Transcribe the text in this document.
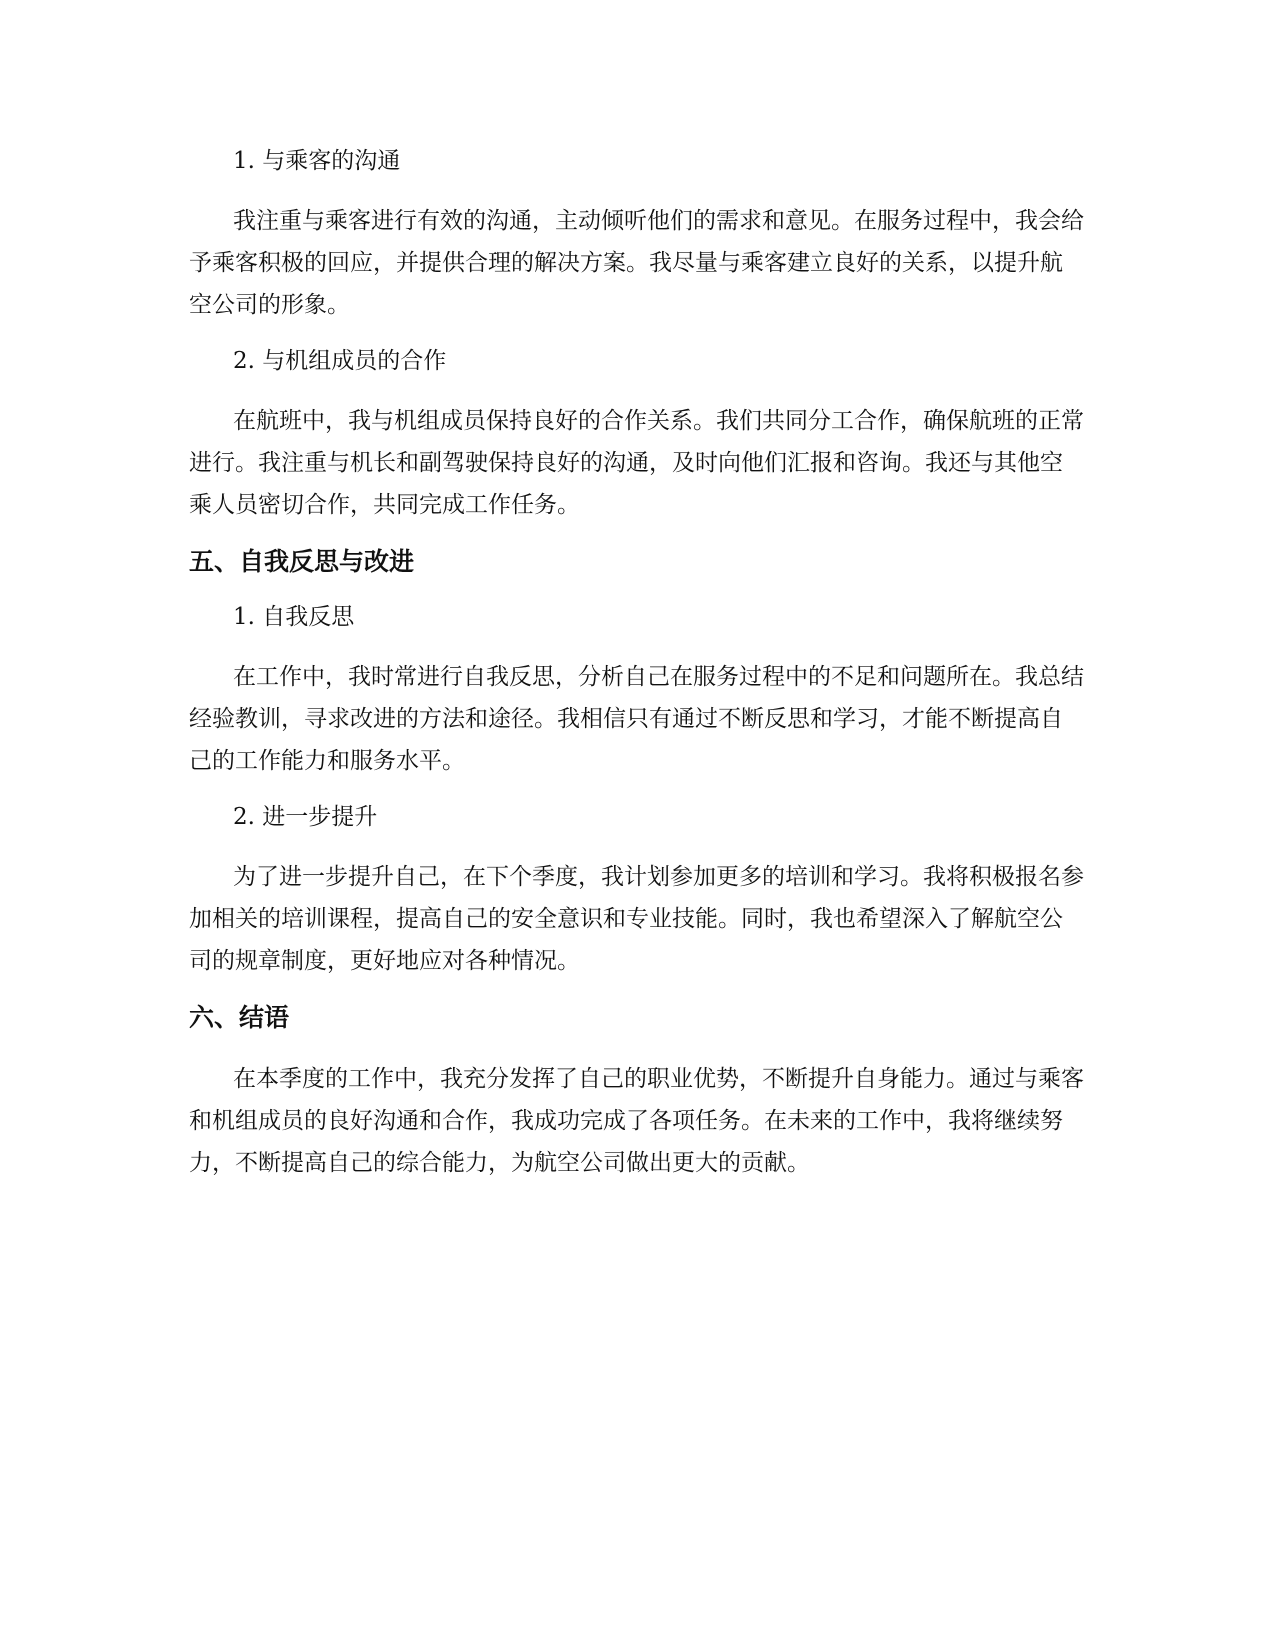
1. 与乘客的沟通

我注重与乘客进行有效的沟通，主动倾听他们的需求和意见。在服务过程中，我会给予乘客积极的回应，并提供合理的解决方案。我尽量与乘客建立良好的关系，以提升航空公司的形象。

2. 与机组成员的合作

在航班中，我与机组成员保持良好的合作关系。我们共同分工合作，确保航班的正常进行。我注重与机长和副驾驶保持良好的沟通，及时向他们汇报和咨询。我还与其他空乘人员密切合作，共同完成工作任务。

五、自我反思与改进

1. 自我反思

在工作中，我时常进行自我反思，分析自己在服务过程中的不足和问题所在。我总结经验教训，寻求改进的方法和途径。我相信只有通过不断反思和学习，才能不断提高自己的工作能力和服务水平。

2. 进一步提升

为了进一步提升自己，在下个季度，我计划参加更多的培训和学习。我将积极报名参加相关的培训课程，提高自己的安全意识和专业技能。同时，我也希望深入了解航空公司的规章制度，更好地应对各种情况。

六、结语

在本季度的工作中，我充分发挥了自己的职业优势，不断提升自身能力。通过与乘客和机组成员的良好沟通和合作，我成功完成了各项任务。在未来的工作中，我将继续努力，不断提高自己的综合能力，为航空公司做出更大的贡献。
